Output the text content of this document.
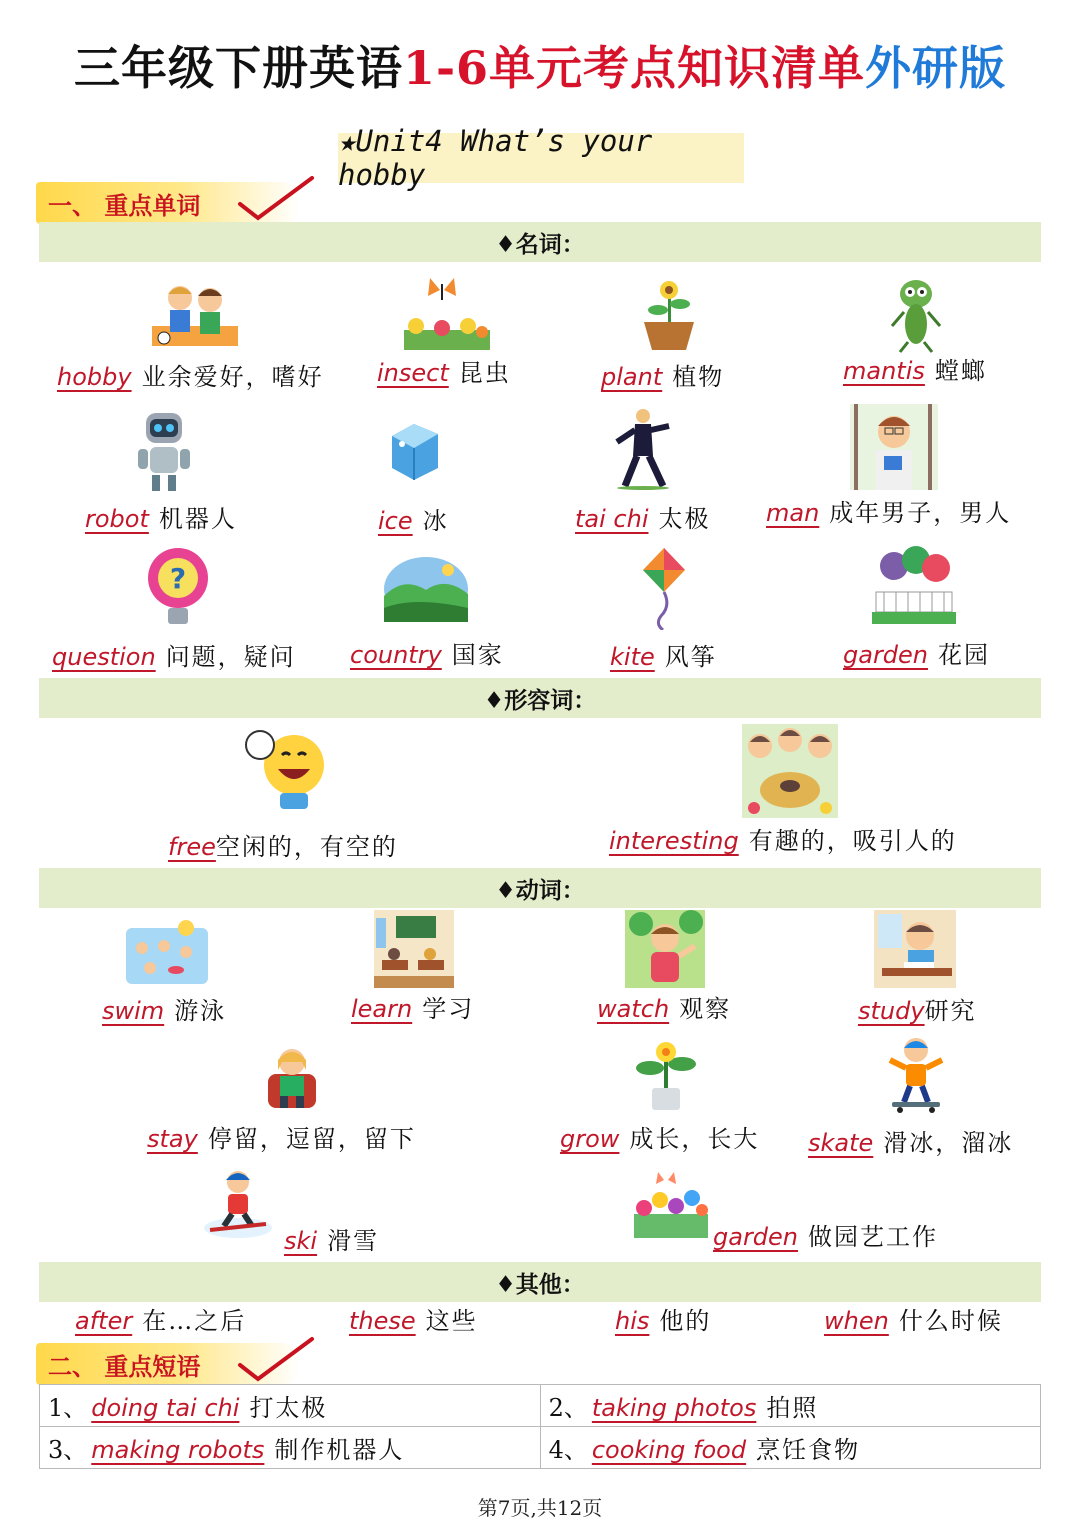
三年级下册英语1-6单元考点知识清单外研版
★Unit4 What’s your hobby
一、 重点单词
♦名词：
hobby 业余爱好，嗜好 insect 昆虫	plant 植物	mantis 螳螂
robot 机器人	ice 冰	tai chi 太极 man 成年男子，男人
?
question 问题，疑问 country 国家	kite 风筝	garden 花园
♦形容词：
free空闲的，有空的	interesting 有趣的，吸引人的
♦动词：
swim 游泳	learn 学习	watch 观察	study研究
stay 停留，逗留，留下	grow 成长，长大 skate 滑冰，溜冰
ski 滑雪	garden 做园艺工作
♦其他：
after 在…之后	these 这些	his 他的	when 什么时候
二、 重点短语
1、 doing tai chi 打太极	2、 taking photos 拍照
3、 making robots 制作机器人	4、 cooking food 烹饪食物
第7页,共12页
